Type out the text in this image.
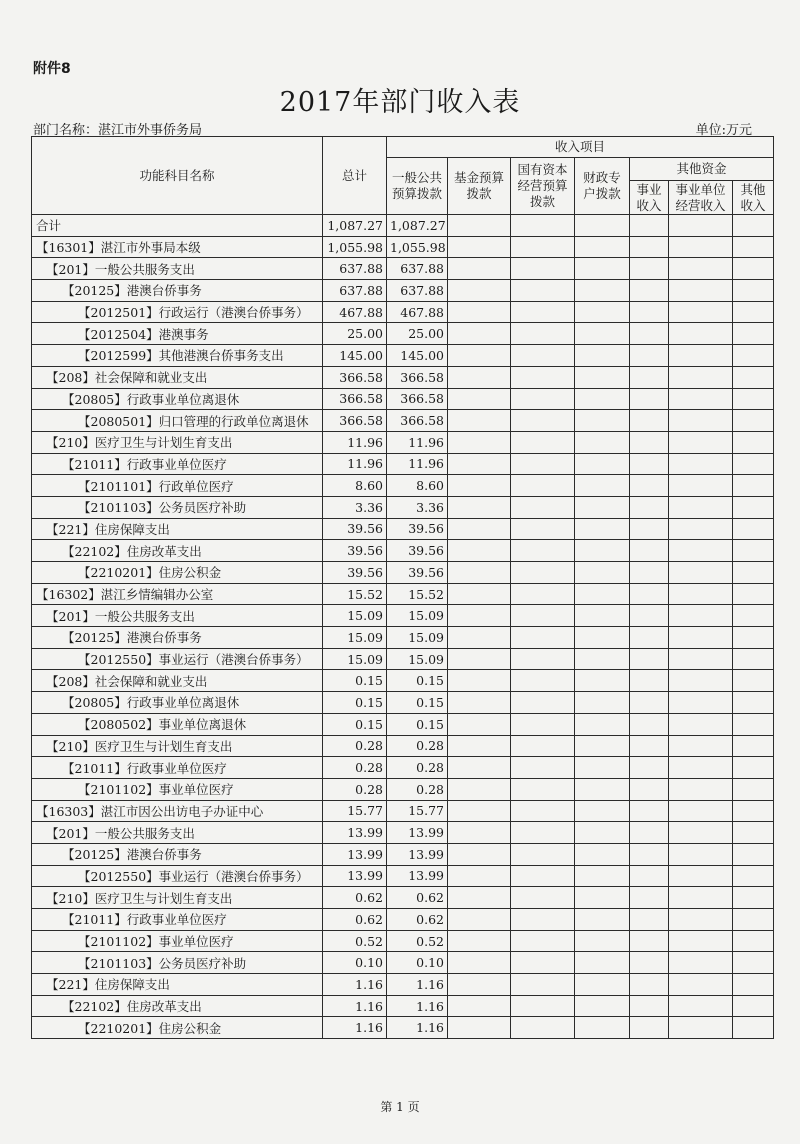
附件8
2017年部门收入表
部门名称：湛江市外事侨务局	单位:万元
功能科目名称	总计	收入项目						
		一般公共预算拨款	基金预算拨款	国有资本经营预算拨款	财政专户拨款	其他资金		
						事业收入	事业单位经营收入	其他收入
合计	1,087.27	1,087.27						
【16301】湛江市外事局本级	1,055.98	1,055.98						
【201】一般公共服务支出	637.88	637.88						
【20125】港澳台侨事务	637.88	637.88						
【2012501】行政运行（港澳台侨事务）	467.88	467.88						
【2012504】港澳事务	25.00	25.00						
【2012599】其他港澳台侨事务支出	145.00	145.00						
【208】社会保障和就业支出	366.58	366.58						
【20805】行政事业单位离退休	366.58	366.58						
【2080501】归口管理的行政单位离退休	366.58	366.58						
【210】医疗卫生与计划生育支出	11.96	11.96						
【21011】行政事业单位医疗	11.96	11.96						
【2101101】行政单位医疗	8.60	8.60						
【2101103】公务员医疗补助	3.36	3.36						
【221】住房保障支出	39.56	39.56						
【22102】住房改革支出	39.56	39.56						
【2210201】住房公积金	39.56	39.56						
【16302】湛江乡情编辑办公室	15.52	15.52						
【201】一般公共服务支出	15.09	15.09						
【20125】港澳台侨事务	15.09	15.09						
【2012550】事业运行（港澳台侨事务）	15.09	15.09						
【208】社会保障和就业支出	0.15	0.15						
【20805】行政事业单位离退休	0.15	0.15						
【2080502】事业单位离退休	0.15	0.15						
【210】医疗卫生与计划生育支出	0.28	0.28						
【21011】行政事业单位医疗	0.28	0.28						
【2101102】事业单位医疗	0.28	0.28						
【16303】湛江市因公出访电子办证中心	15.77	15.77						
【201】一般公共服务支出	13.99	13.99						
【20125】港澳台侨事务	13.99	13.99						
【2012550】事业运行（港澳台侨事务）	13.99	13.99						
【210】医疗卫生与计划生育支出	0.62	0.62						
【21011】行政事业单位医疗	0.62	0.62						
【2101102】事业单位医疗	0.52	0.52						
【2101103】公务员医疗补助	0.10	0.10						
【221】住房保障支出	1.16	1.16						
【22102】住房改革支出	1.16	1.16						
【2210201】住房公积金	1.16	1.16						
第 1 页
